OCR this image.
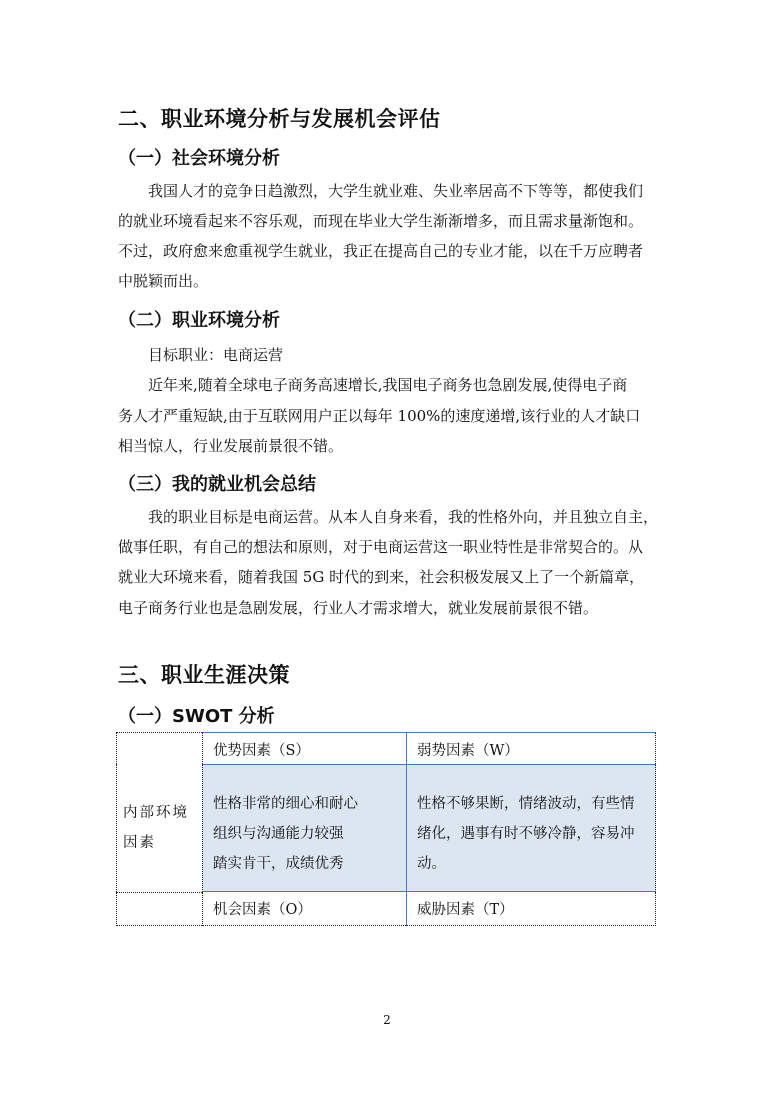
二、职业环境分析与发展机会评估
（一）社会环境分析
我国人才的竞争日趋激烈，大学生就业难、失业率居高不下等等，都使我们
的就业环境看起来不容乐观，而现在毕业大学生渐渐增多，而且需求量渐饱和。
不过，政府愈来愈重视学生就业，我正在提高自己的专业才能，以在千万应聘者
中脱颖而出。
（二）职业环境分析
目标职业：电商运营
近年来,随着全球电子商务高速增长,我国电子商务也急剧发展,使得电子商
务人才严重短缺,由于互联网用户正以每年 100%的速度递增,该行业的人才缺口
相当惊人，行业发展前景很不错。
（三）我的就业机会总结
我的职业目标是电商运营。从本人自身来看，我的性格外向，并且独立自主，
做事任职，有自己的想法和原则，对于电商运营这一职业特性是非常契合的。从
就业大环境来看，随着我国 5G 时代的到来，社会积极发展又上了一个新篇章，
电子商务行业也是急剧发展，行业人才需求增大，就业发展前景很不错。
三、职业生涯决策
（一）SWOT 分析
优势因素（S）	弱势因素（W）
内部环境因素
性格非常的细心和耐心
组织与沟通能力较强
踏实肯干，成绩优秀
性格不够果断，情绪波动，有些情
绪化，遇事有时不够冷静，容易冲
动。
机会因素（O）	威胁因素（T）
2
